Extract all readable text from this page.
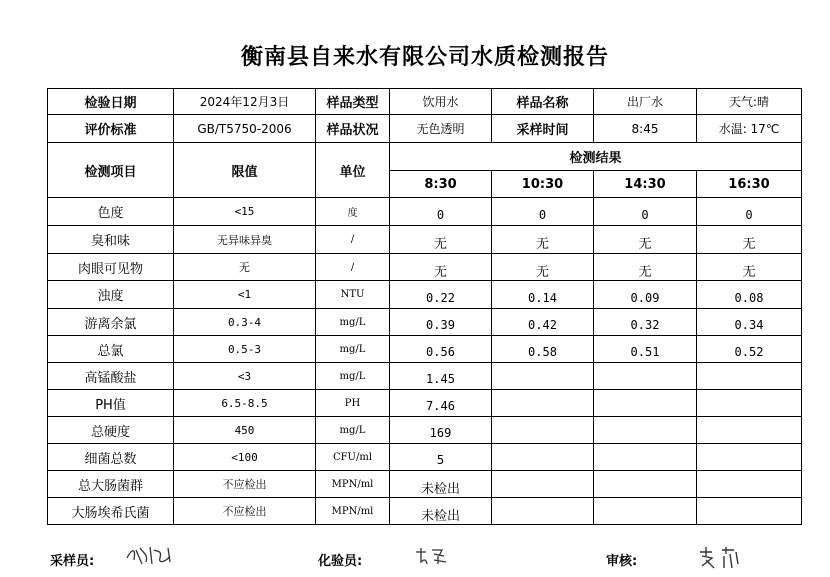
衡南县自来水有限公司水质检测报告
检验日期	2024年12月3日	样品类型	饮用水	样品名称	出厂水	天气:晴
评价标准	GB/T5750-2006	样品状况	无色透明	采样时间	8:45	水温: 17℃
检测项目	限值	单位	检测结果			
			8:30	10:30	14:30	16:30
色度	<15	度	0	0	0	0
臭和味	无异味异臭	/	无	无	无	无
肉眼可见物	无	/	无	无	无	无
浊度	<1	NTU	0.22	0.14	0.09	0.08
游离余氯	0.3-4	mg/L	0.39	0.42	0.32	0.34
总氯	0.5-3	mg/L	0.56	0.58	0.51	0.52
高锰酸盐	<3	mg/L	1.45			
PH值	6.5-8.5	PH	7.46			
总硬度	450	mg/L	169			
细菌总数	<100	CFU/ml	5			
总大肠菌群	不应检出	MPN/ml	未检出			
大肠埃希氏菌	不应检出	MPN/ml	未检出			
采样员:	化验员:	审核:
